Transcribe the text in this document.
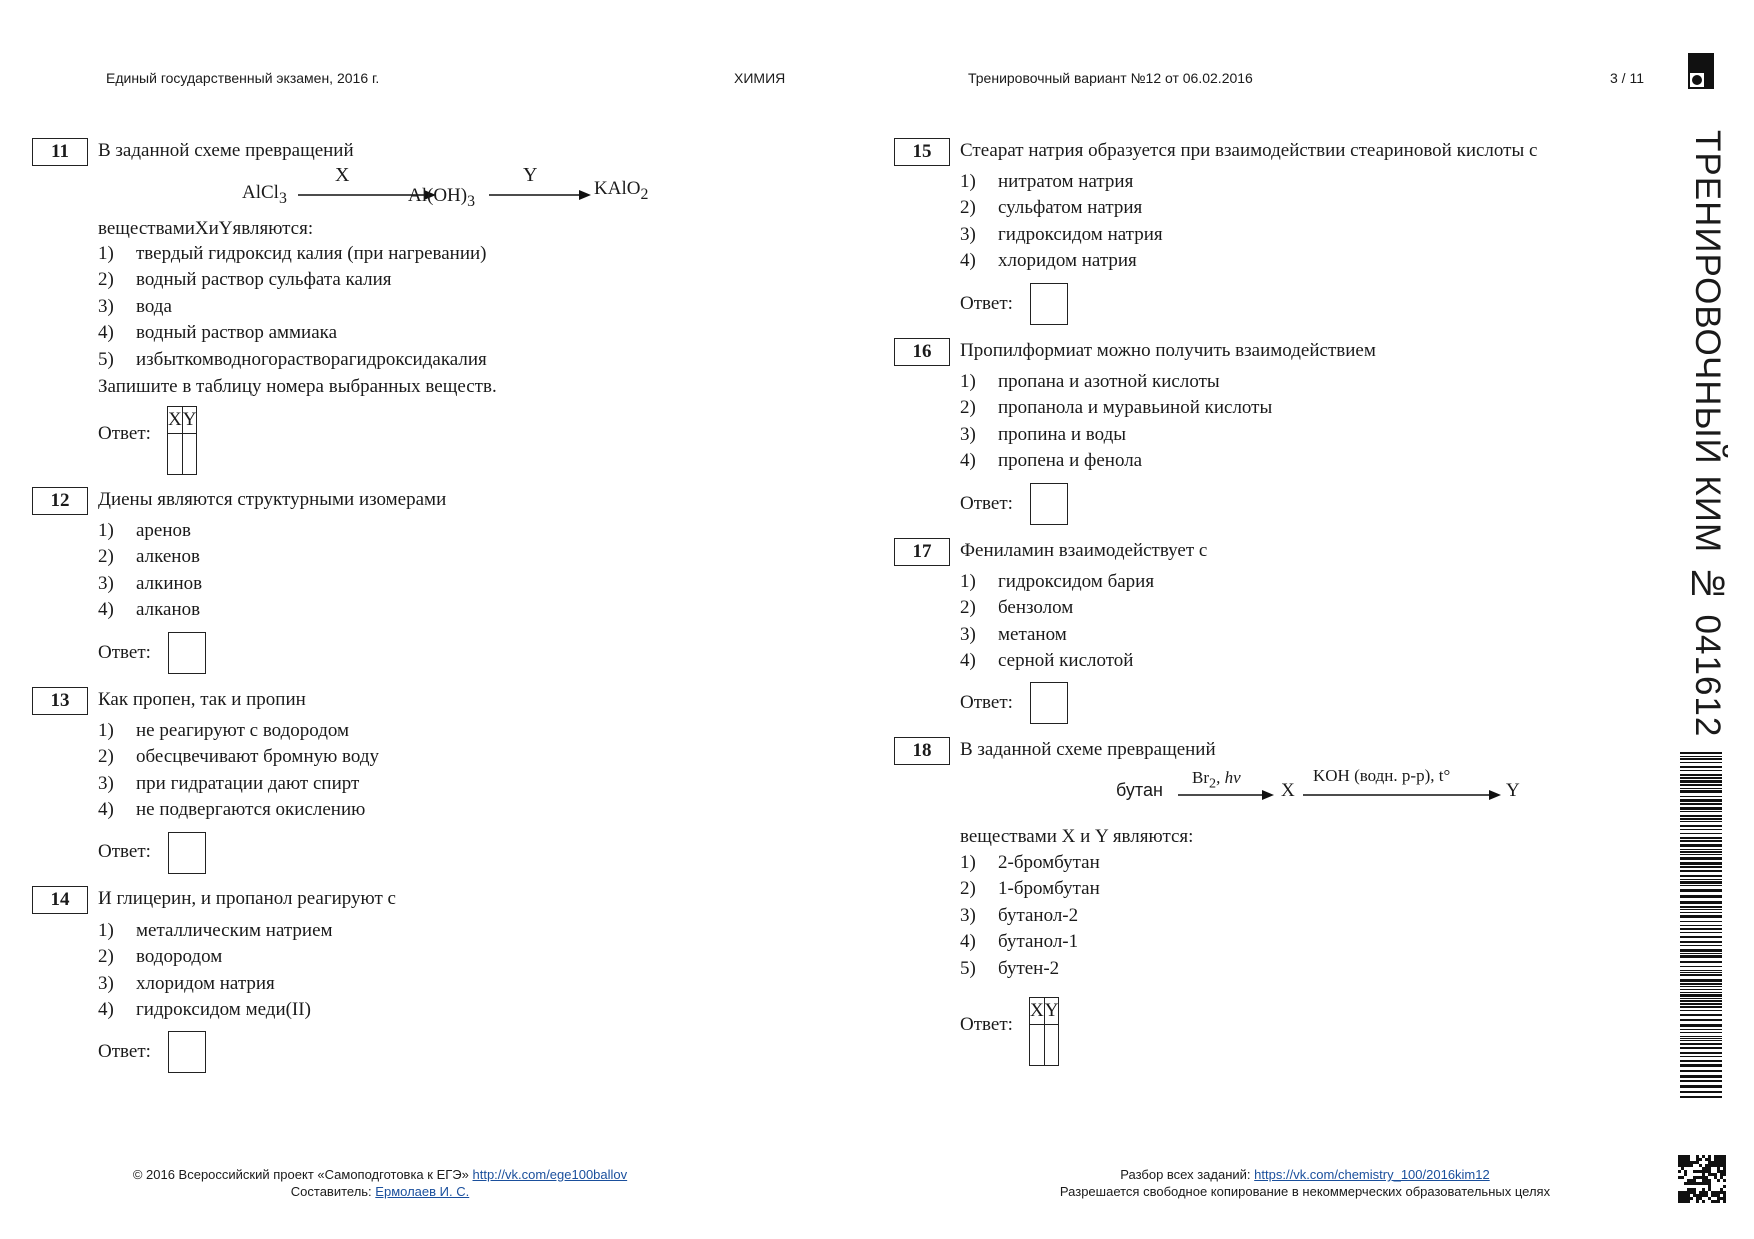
Единый государственный экзамен, 2016 г.	ХИМИЯ	Тренировочный вариант №12 от 06.02.2016	3 / 11
ТРЕНИРОВОЧНЫЙ КИМ № 041612
11	В заданной схеме превращений
AlCl$_3$
X
$Al(OH)_3$
Y
KAlO$_2$
веществамиXиYявляются:
1) твердый гидроксид калия (при нагревании)
2) водный раствор сульфата калия
3) вода
4) водный раствор аммиака
5) избыткомводногорастворагидроксидакалия
Запишите в таблицу номера выбранных веществ.
Ответ:
X	Y

12	Диены являются структурными изомерами
1) аренов
2) алкенов
3) алкинов
4) алканов
Ответ:
13	Как пропен, так и пропин
1) не реагируют с водородом
2) обесцвечивают бромную воду
3) при гидратации дают спирт
4) не подвергаются окислению
Ответ:
14	И глицерин, и пропанол реагируют с
1) металлическим натрием
2) водородом
3) хлоридом натрия
4) гидроксидом меди(II)
Ответ:
15	Стеарат натрия образуется при взаимодействии стеариновой кислоты с
1) нитратом натрия
2) сульфатом натрия
3) гидроксидом натрия
4) хлоридом натрия
Ответ:
16	Пропилформиат можно получить взаимодействием
1) пропана и азотной кислоты
2) пропанола и муравьиной кислоты
3) пропина и воды
4) пропена и фенола
Ответ:
17	Фениламин взаимодействует с
1) гидроксидом бария
2) бензолом
3) метаном
4) серной кислотой
Ответ:
18	В заданной схеме превращений
бутан
$Br_2$, hv
X
KOH (водн. р-р), t°
Y
веществами X и Y являются:
1) 2-бромбутан
2) 1-бромбутан
3) бутанол-2
4) бутанол-1
5) бутен-2
Ответ:
X	Y

© 2016 Всероссийский проект «Самоподготовка к ЕГЭ» http://vk.com/ege100ballov
Составитель: Ермолаев И. С.
Разбор всех заданий: https://vk.com/chemistry_100/2016kim12
Разрешается свободное копирование в некоммерческих образовательных целях
